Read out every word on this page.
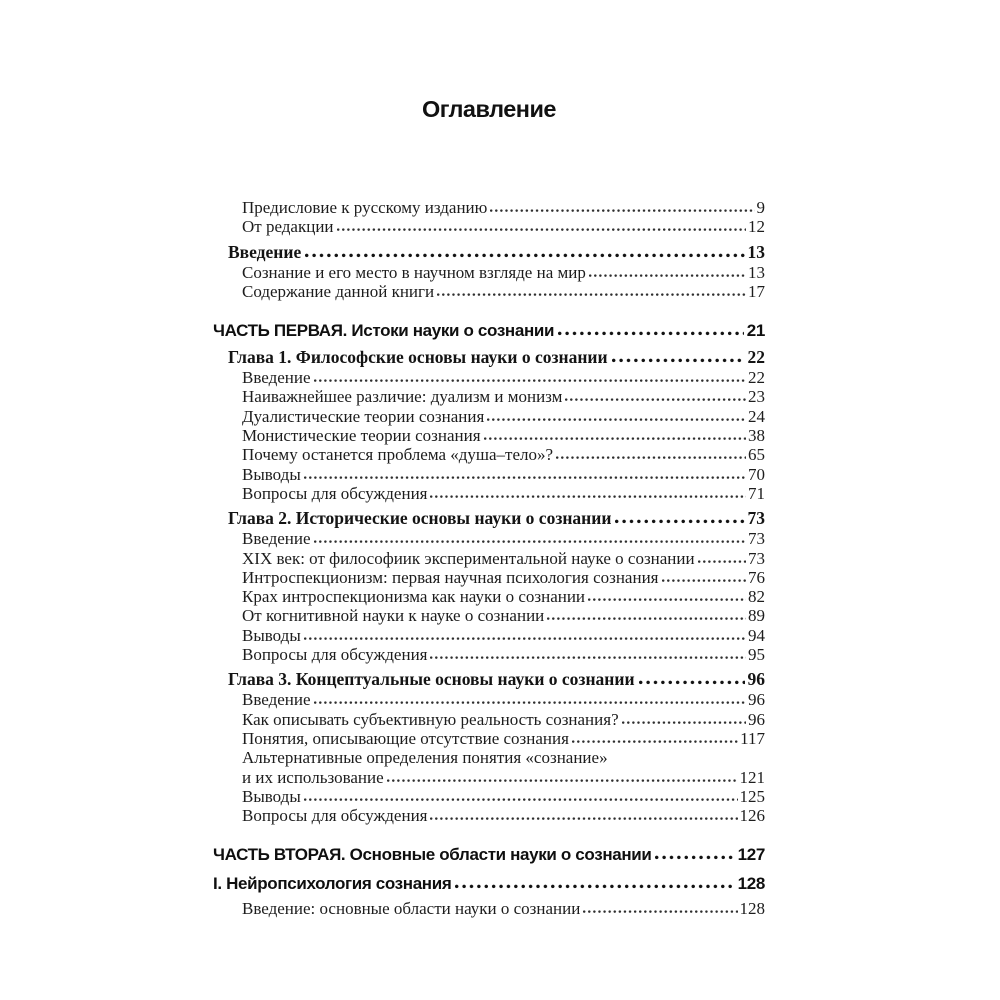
Оглавление
Предисловие к русскому изданию	9
От редакции	12
Введение	13
Сознание и его место в научном взгляде на мир	13
Содержание данной книги	17
ЧАСТЬ ПЕРВАЯ. Истоки науки о сознании	21
Глава 1. Философские основы науки о сознании	22
Введение	22
Наиважнейшее различие: дуализм и монизм	23
Дуалистические теории сознания	24
Монистические теории сознания	38
Почему останется проблема «душа–тело»?	65
Выводы	70
Вопросы для обсуждения	71
Глава 2. Исторические основы науки о сознании	73
Введение	73
XIX век: от философиик экспериментальной науке о сознании	73
Интроспекционизм: первая научная психология сознания	76
Крах интроспекционизма как науки о сознании	82
От когнитивной науки к науке о сознании	89
Выводы	94
Вопросы для обсуждения	95
Глава 3. Концептуальные основы науки о сознании	96
Введение	96
Как описывать субъективную реальность сознания?	96
Понятия, описывающие отсутствие сознания	117
Альтернативные определения понятия «сознание»
и их использование	121
Выводы	125
Вопросы для обсуждения	126
ЧАСТЬ ВТОРАЯ. Основные области науки о сознании	127
I. Нейропсихология сознания	128
Введение: основные области науки о сознании	128
